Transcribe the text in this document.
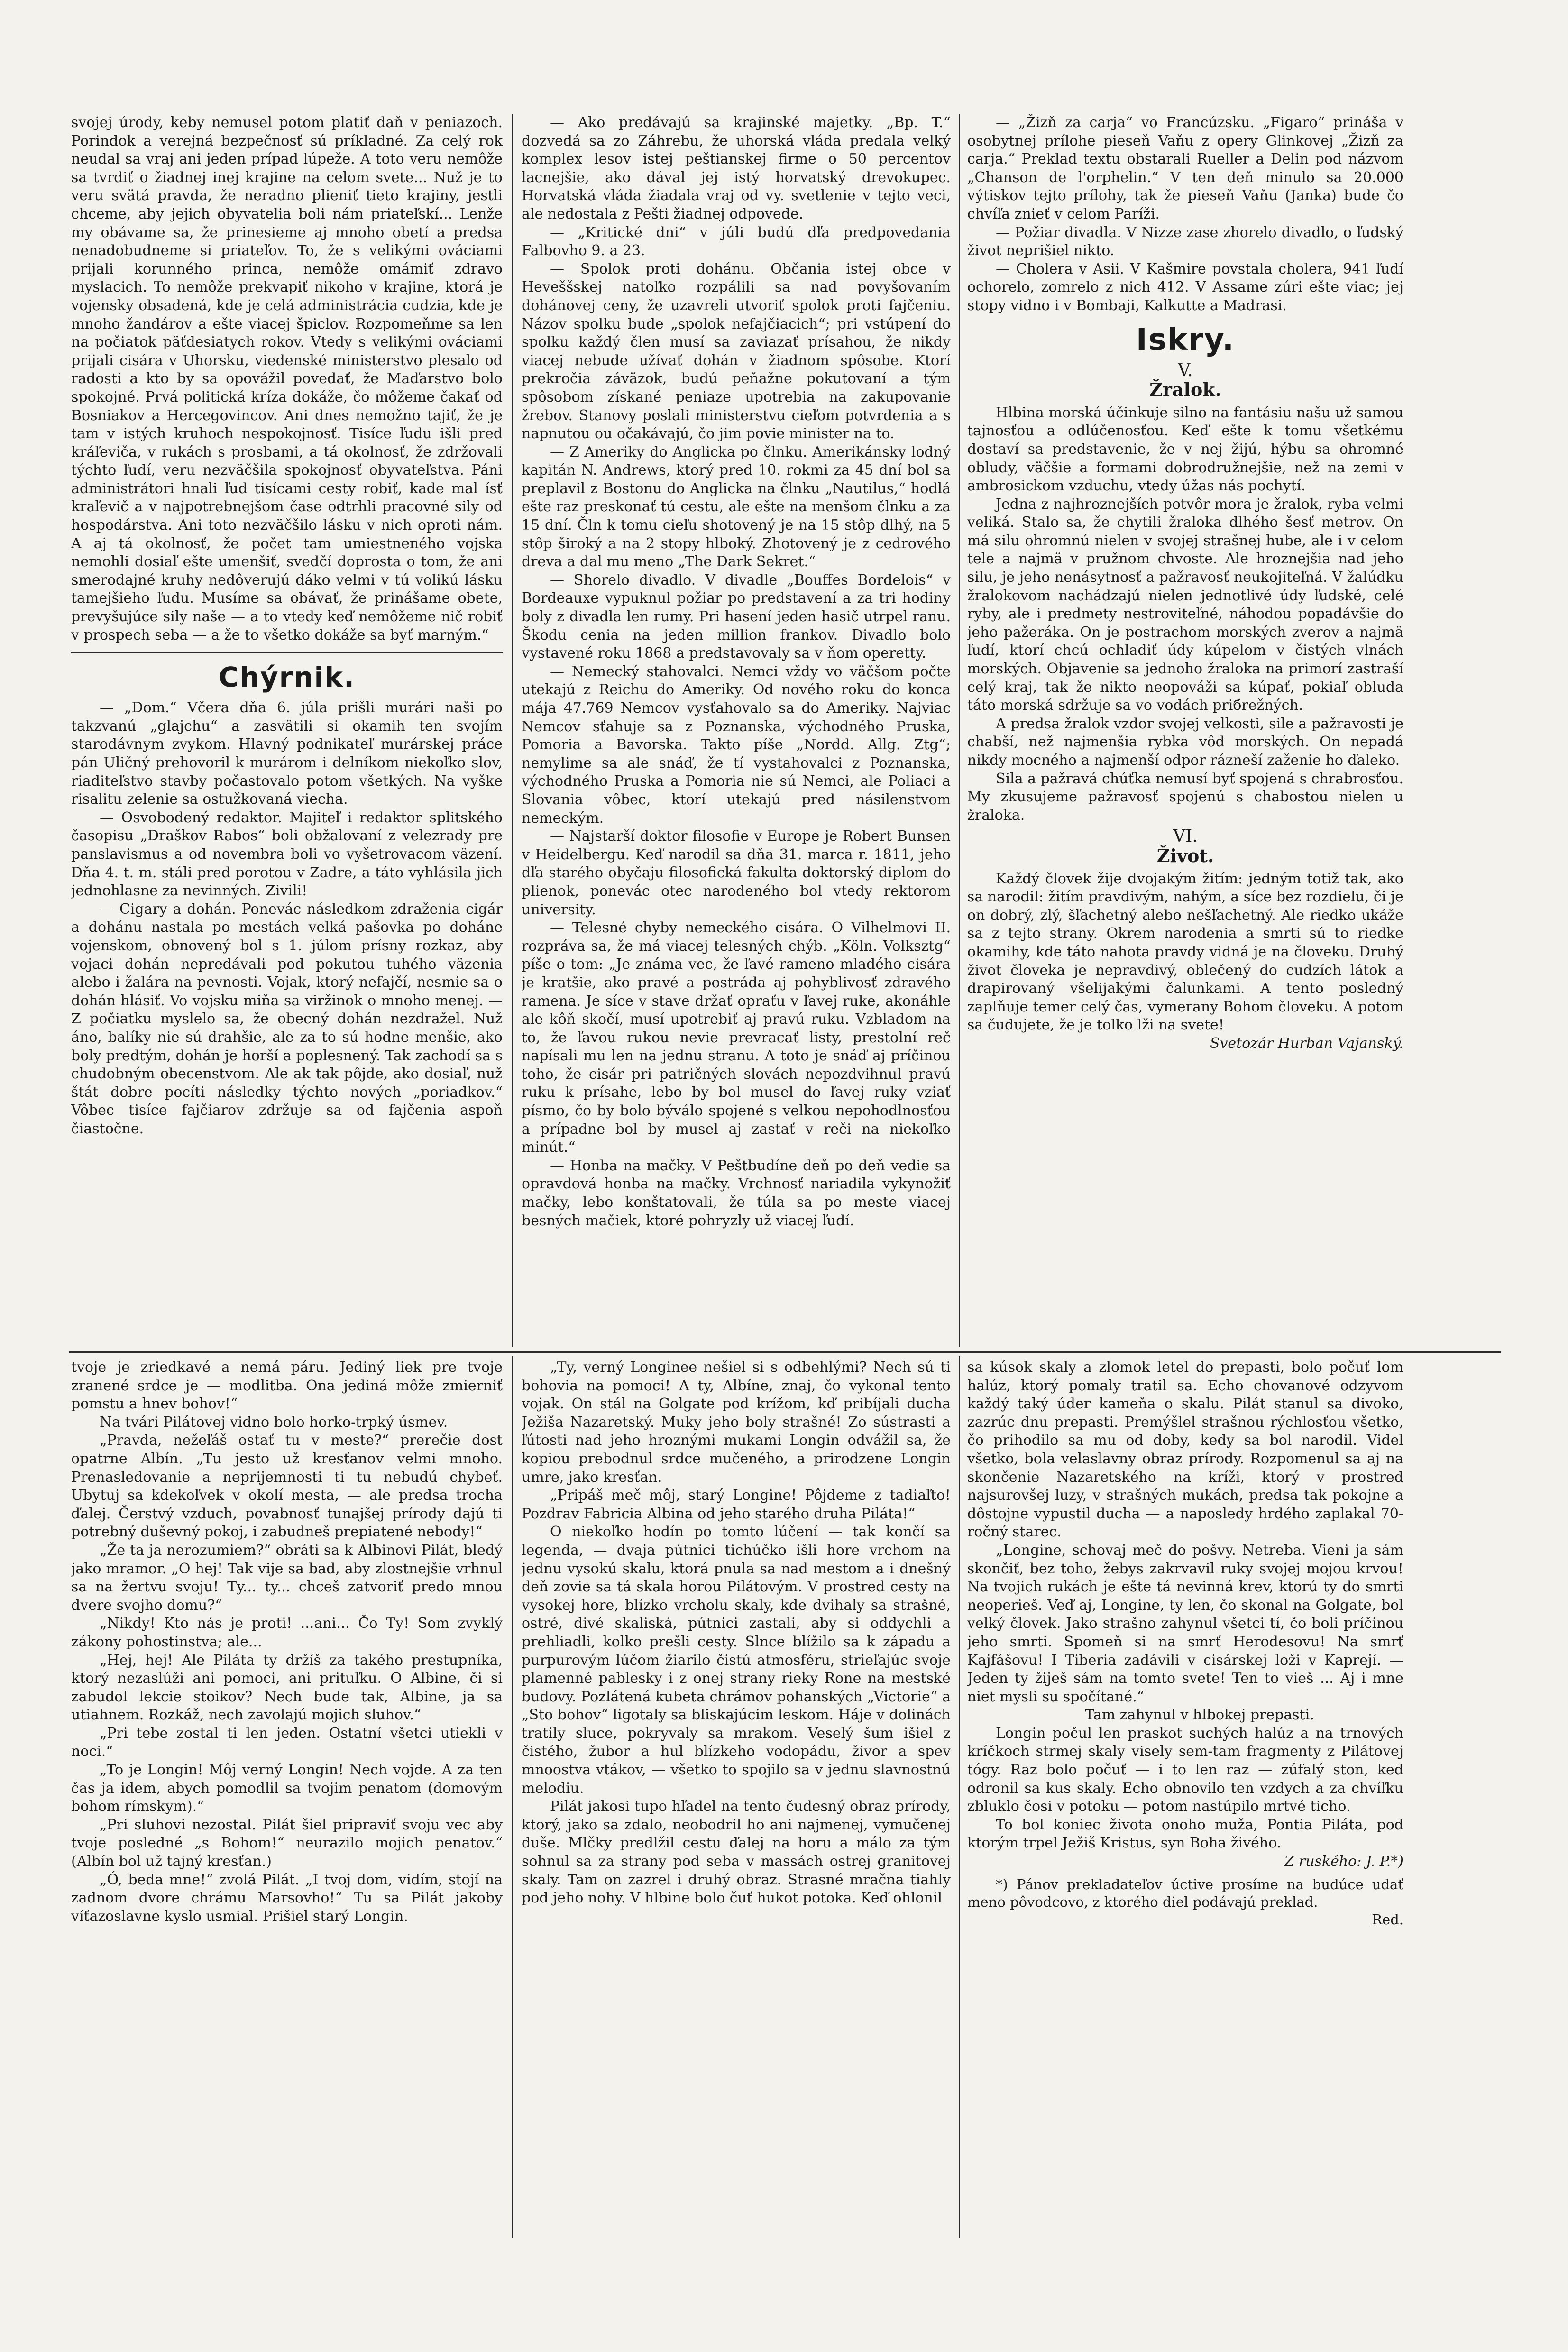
svojej úrody, keby nemusel potom platiť daň v peniazoch. Porindok a verejná bezpečnosť sú príkladné. Za celý rok neudal sa vraj ani jeden prípad lúpeže. A toto veru nemôže sa tvrdiť o žiadnej inej krajine na celom svete... Nuž je to veru svätá pravda, že neradno plieniť tieto krajiny, jestli chceme, aby jejich obyvatelia boli nám priateľskí... Lenže my obávame sa, že prinesieme aj mnoho obetí a predsa nenadobudneme si priateľov. To, že s velikými ováciami prijali korunného princa, nemôže omámiť zdravo myslacich. To nemôže prekvapiť nikoho v krajine, ktorá je vojensky obsadená, kde je celá administrácia cudzia, kde je mnoho žandárov a ešte viacej špiclov. Rozpomeňme sa len na počiatok päťdesiatych rokov. Vtedy s velikými ováciami prijali cisára v Uhorsku, viedenské ministerstvo plesalo od radosti a kto by sa opovážil povedať, že Maďarstvo bolo spokojné. Prvá politická kríza dokáže, čo môžeme čakať od Bosniakov a Hercegovincov. Ani dnes nemožno tajiť, že je tam v istých kruhoch nespokojnosť. Tisíce ľudu išli pred kráľeviča, v rukách s prosbami, a tá okolnosť, že zdržovali týchto ľudí, veru nezväčšila spokojnosť obyvateľstva. Páni administrátori hnali ľud tisícami cesty robiť, kade mal ísť kraľevič a v najpotrebnejšom čase odtrhli pracovné sily od hospodárstva. Ani toto nezväčšilo lásku v nich oproti nám. A aj tá okolnosť, že počet tam umiestneného vojska nemohli dosiaľ ešte umenšiť, svedčí doprosta o tom, že ani smerodajné kruhy nedôverujú dáko velmi v tú volikú lásku tamejšieho ľudu. Musíme sa obávať, že prinášame obete, prevyšujúce sily naše — a to vtedy keď nemôžeme nič robiť v prospech seba — a že to všetko dokáže sa byť marným.“

Chýrnik.

— „Dom.“ Včera dňa 6. júla prišli murári naši po takzvanú „glajchu“ a zasvätili si okamih ten svojím starodávnym zvykom. Hlavný podnikateľ murárskej práce pán Uličný prehovoril k murárom i delníkom niekoľko slov, riaditeľstvo stavby počastovalo potom všetkých. Na vyške risalitu zelenie sa ostužkovaná viecha.

— Osvobodený redaktor. Majiteľ i redaktor splitského časopisu „Draškov Rabos“ boli obžalovaní z velezrady pre panslavismus a od novembra boli vo vyšetrovacom väzení. Dňa 4. t. m. stáli pred porotou v Zadre, a táto vyhlásila jich jednohlasne za nevinných. Zivili!

— Cigary a dohán. Ponevác následkom zdraženia cigár a dohánu nastala po mestách velká pašovka po dohánе vojenskom, obnovený bol s 1. júlom prísny rozkaz, aby vojaci dohán nepredávali pod pokutou tuhého väzenia alebo i žalára na pevnosti. Vojak, ktorý nefajčí, nesmie sa o dohán hlásiť. Vo vojsku miňa sa viržinok o mnoho menej. — Z počiatku myslelo sa, že obecný dohán nezdražel. Nuž áno, balíky nie sú drahšie, ale za to sú hodne menšie, ako boly predtým, dohán je horší a poplesnený. Tak zachodí sa s chudobným obecenstvom. Ale ak tak pôjde, ako dosiaľ, nuž štát dobre pocíti následky týchto nových „poriadkov.“ Vôbec tisíce fajčiarov zdržuje sa od fajčenia aspoň čiastočne.

— Ako predávajú sa krajinské majetky. „Bp. T.“ dozvedá sa zo Záhrebu, že uhorská vláda predala velký komplex lesov istej peštianskej firme o 50 percentov lacnejšie, ako dával jej istý horvatský drevokupec. Horvatská vláda žiadala vraj od vy. svetlenie v tejto veci, ale nedostala z Pešti žiadnej odpovede.

— „Kritické dni“ v júli budú dľa predpovedania Falbovho 9. a 23.

— Spolok proti dohánu. Občania istej obce v Heveššskej natoľko rozpálili sa nad povyšovaním dohánovej ceny, že uzavreli utvoriť spolok proti fajčeniu. Názov spolku bude „spolok nefajčiacich“; pri vstúpení do spolku každý člen musí sa zaviazať prísahou, že nikdy viacej nebude užívať dohán v žiadnom spôsobe. Ktorí prekročia záväzok, budú peňažne pokutovaní a tým spôsobom získané peniaze upotrebia na zakupovanie žrebov. Stanovy poslali ministerstvu cieľom potvrdenia a s napnutou ou očakávajú, čo jim povie minister na to.

— Z Ameriky do Anglicka po člnku. Amerikánsky lodný kapitán N. Andrews, ktorý pred 10. rokmi za 45 dní bol sa preplavil z Bostonu do Anglicka na člnku „Nautilus,“ hodlá ešte raz preskonať tú cestu, ale ešte na menšom člnku a za 15 dní. Čln k tomu cieľu shotovený je na 15 stôp dlhý, na 5 stôp široký a na 2 stopy hlboký. Zhotovený je z cedrového dreva a dal mu meno „The Dark Sekret.“

— Shorelo divadlo. V divadle „Bouffes Bordelois“ v Bordeauxe vypuknul požiar po predstavení a za tri hodiny boly z divadla len rumy. Pri hasení jeden hasič utrpel ranu. Škodu cenia na jeden million frankov. Divadlo bolo vystavené roku 1868 a predstavovaly sa v ňom operetty.

— Nemecký stahovalci. Nemci vždy vo väčšom počte utekajú z Reichu do Ameriky. Od nového roku do konca mája 47.769 Nemcov vysťahovalo sa do Ameriky. Najviac Nemcov sťahuje sa z Poznanska, východného Pruska, Pomoria a Bavorska. Takto píše „Nordd. Allg. Ztg“; nemylime sa ale snáď, že tí vystahovalci z Poznanska, východného Pruska a Pomoria nie sú Nemci, ale Poliaci a Slovania vôbec, ktorí utekajú pred násilenstvom nemeckým.

— Najstarší doktor filosofie v Europe je Robert Bunsen v Heidelbergu. Keď narodil sa dňa 31. marca r. 1811, jeho dľa starého obyčaju filosofická fakulta doktorský diplom do plienok, ponevác otec narodeného bol vtedy rektorom university.

— Telesné chyby nemeckého cisára. O Vilhelmovi II. rozpráva sa, že má viacej telesných chýb. „Köln. Volksztg“ píše o tom: „Je známa vec, že ľavé rameno mladého cisára je kratšie, ako pravé a postráda aj pohyblivosť zdravého ramena. Je síce v stave držať opraťu v ľavej ruke, akonáhle ale kôň skočí, musí upotrebiť aj pravú ruku. Vzbladom na to, že ľavou rukou nevie prevracať listy, prestolní reč napísali mu len na jednu stranu. A toto je snáď aj príčinou toho, že cisár pri patričných slovách nepozdvihnul pravú ruku k prísahe, lebo by bol musel do ľavej ruky vziať písmo, čo by bolo býválo spojené s velkou nepohodlnosťou a prípadne bol by musel aj zastať v reči na niekoľko minút.“

— Honba na mačky. V Peštbudíne deň po deň vedie sa opravdová honba na mačky. Vrchnosť nariadila vykynožiť mačky, lebo konštatovali, že túla sa po meste viacej besných mačiek, ktoré pohryzly už viacej ľudí.

— „Žizň za carja“ vo Francúzsku. „Figaro“ prináša v osobytnej prílohe pieseň Vaňu z opery Glinkovej „Žizň za carja.“ Preklad textu obstarali Rueller a Delin pod názvom „Chanson de l'orphelin.“ V ten deň minulo sa 20.000 výtiskov tejto prílohy, tak že pieseň Vaňu (Janka) bude čo chvíľa znieť v celom Paríži.

— Požiar divadla. V Nizze zase zhorelo divadlo, o ľudský život neprišiel nikto.

— Cholera v Asii. V Kašmire povstala cholera, 941 ľudí ochorelo, zomrelo z nich 412. V Assame zúri ešte viac; jej stopy vidno i v Bombaji, Kalkutte a Madrasi.

Iskry.
V.
Žralok.

Hlbina morská účinkuje silno na fantásiu našu už samou tajnosťou a odlúčenosťou. Keď ešte k tomu všetkému dostaví sa predstavenie, že v nej žijú, hýbu sa ohromné obludy, väčšie a formami dobrodružnejšie, než na zemi v ambrosickom vzduchu, vtedy úžas nás pochytí.

Jedna z najhroznejších potvôr mora je žralok, ryba velmi veliká. Stalo sa, že chytili žraloka dlhého šesť metrov. On má silu ohromnú nielen v svojej strašnej hube, ale i v celom tele a najmä v pružnom chvoste. Ale hroznejšia nad jeho silu, je jeho nenásytnosť a pažravosť neukojiteľná. V žalúdku žralokovom nachádzajú nielen jednotlivé údy ľudské, celé ryby, ale i predmety nestroviteľné, náhodou popadávšie do jeho pažeráka. On je postrachom morských zverov a najmä ľudí, ktorí chcú ochladiť údy kúpelom v čistých vlnách morských. Objavenie sa jednoho žraloka na primorí zastraší celý kraj, tak že nikto neopováži sa kúpať, pokiaľ obluda táto morská sdržuje sa vo vodách priбrežných.

A predsa žralok vzdor svojej velkosti, sile a pažravosti je chabší, než najmenšia rybka vôd morských. On nepadá nikdy mocného a najmenší odpor rázneší zaženie ho ďaleko.

Sila a pažravá chúťka nemusí byť spojená s chrabrosťou. My zkusujeme pažravosť spojenú s chabostou nielen u žraloka.

VI.
Život.

Každý človek žije dvojakým žitím: jedným totiž tak, ako sa narodil: žitím pravdivým, nahým, a síce bez rozdielu, či je on dobrý, zlý, šľachetný alebo nešľachetný. Ale riedko ukáže sa z tejto strany. Okrem narodenia a smrti sú to riedke okamihy, kde táto nahota pravdy vidná je na človeku. Druhý život človeka je nepravdivý, oblečený do cudzích látok a drapirovaný všelijakými čalunkami. A tento posledný zaplňuje temer celý čas, vymerany Bohom človeku. A potom sa čudujete, že je tolko lži na svete!

Svetozár Hurban Vajanský.

tvoje je zriedkavé a nemá páru. Jediný liek pre tvoje zranené srdce je — modlitba. Ona jediná môže zmierniť pomstu a hnev bohov!“

Na tvári Pilátovej vidno bolo horko-trpký úsmev.

„Pravda, nežeľáš ostať tu v meste?“ prerečie dost opatrne Albín. „Tu jesto už kresťanov velmi mnoho. Prenasledovanie a neprijemnosti ti tu nebudú chybeť. Ubytuj sa kdekoľvek v okolí mesta, — ale predsa trocha ďalej. Čerstvý vzduch, povabnosť tunajšej prírody dajú ti potrebný duševný pokoj, i zabudneš prepiatené nebody!“

„Že ta ja nerozumiem?“ obráti sa k Albinovi Pilát, bledý jako mramor. „O hej! Tak vije sa bad, aby zlostnejšie vrhnul sa na žertvu svoju! Ty... ty... chceš zatvoriť predo mnou dvere svojho domu?“

„Nikdy! Kto nás je proti! ...ani... Čo Ty! Som zvyklý zákony pohostinstva; ale...

„Hej, hej! Ale Piláta ty držíš za takého prestupníka, ktorý nezaslúži ani pomoci, ani prituľku. O Albine, či si zabudol lekcie stoikov? Nech bude tak, Albine, ja sa utiahnem. Rozkáž, nech zavolajú mojich sluhov.“

„Pri tebe zostal ti len jeden. Ostatní všetci utiekli v noci.“

„To je Longin! Môj verný Longin! Nech vojde. A za ten čas ja idem, abych pomodlil sa tvojim penatom (domovým bohom rímskym).“

„Pri sluhovi nezostal. Pilát šiel pripraviť svoju vec aby tvoje posledné „s Bohom!“ neurazilo mojich penatov.“ (Albín bol už tajný kresťan.)

„Ó, beda mne!“ zvolá Pilát. „I tvoj dom, vidím, stojí na zadnom dvore chrámu Marsovho!“ Tu sa Pilát jakoby víťazoslavne kyslo usmial. Prišiel starý Longin.

„Ty, verný Longinee nešiel si s odbehlými? Nech sú ti bohovia na pomoci! A ty, Albíne, znaj, čo vykonal tento vojak. On stál na Golgate pod krížom, kď pribíjali ducha Ježiša Nazaretský. Muky jeho boly strašné! Zo sústrasti a ľútosti nad jeho hroznými mukami Longin odvážil sa, že kopiou prebodnul srdce mučeného, a prirodzene Longin umre, jako kresťan.

„Pripáš meč môj, starý Longine! Pôjdeme z tadiaľto! Pozdrav Fabricia Albina od jeho starého druha Piláta!“

O niekoľko hodín po tomto lúčení — tak končí sa legenda, — dvaja pútnici tichúčko išli hore vrchom na jednu vysokú skalu, ktorá pnula sa nad mestom a i dnešný deň zovie sa tá skala horou Pilátovým. V prostred cesty na vysokej hore, blízko vrcholu skaly, kde dvihaly sa strašné, ostré, divé skaliská, pútnici zastali, aby si oddychli a prehliadli, kolko prešli cesty. Slnce blížilo sa k západu a purpurovým lúčom žiarilo čistú atmosféru, strieľajúc svoje plamenné pablesky i z onej strany rieky Rone na mestské budovy. Pozlátená kubeta chrámov pohanských „Victorie“ a „Sto bohov“ ligotaly sa bliskajúcim leskom. Háje v dolinách tratily sluce, pokryvaly sa mrakom. Veselý šum išiel z čistého, žubor a hul blízkeho vodopádu, živor a spev mnoostva vtákov, — všetko to spojilo sa v jednu slavnostnú melodiu.

Pilát jakosi tupo hľadel na tento čudesný obraz prírody, ktorý, jako sa zdalo, neobodril ho ani najmenej, vymučenej duše. Mlčky predlžil cestu ďalej na horu a málo za tým sohnul sa za strany pod seba v massách ostrej granitovej skaly. Tam on zazrel i druhý obraz. Strasné mračna tiahly pod jeho nohy. V hlbine bolo čuť hukot potoka. Keď ohlonil

sa kúsok skaly a zlomok letel do prepasti, bolo počuť lom halúz, ktorý pomaly tratil sa. Echo chovanové odzyvom každý taký úder kameňa o skalu. Pilát stanul sa divoko, zazrúc dnu prepasti. Premýšlel strašnou rýchlosťou všetko, čo prihodilo sa mu od doby, kedy sa bol narodil. Videl všetko, bola velaslavny obraz prírody. Rozpomenul sa aj na skončenie Nazaretského na kríži, ktorý v prostred najsurovšej luzy, v strašných mukách, predsa tak pokojne a dôstojne vypustil ducha — a naposledy hrdého zaplakal 70-ročný starec.

„Longine, schovaj meč do pošvy. Netreba. Vieni ja sám skončiť, bez toho, žebys zakrvavil ruky svojej mojou krvou! Na tvojich rukách je ešte tá nevinná krev, ktorú ty do smrti neoperieš. Veď aj, Longine, ty len, čo skonal na Golgate, bol velký človek. Jako strašno zahynul všetci tí, čo boli príčinou jeho smrti. Spomeň si na smrť Herodesovu! Na smrť Kajfášovu! I Tiberia zadávili v cisárskej loži v Kaprejí. — Jeden ty žiješ sám na tomto svete! Ten to vieš ... Aj i mne niet mysli su spočítané.“

Tam zahynul v hlbokej prepasti.

Longin počul len praskot suchých halúz a na trnových kríčkoch strmej skaly visely sem-tam fragmenty z Pilátovej tógy. Raz bolo počuť — i to len raz — zúfalý ston, keď odronil sa kus skaly. Echo obnovilo ten vzdych a za chvíľku zbluklo čosi v potoku — potom nastúpilo mrtvé ticho.

To bol koniec života onoho muža, Pontia Piláta, pod ktorým trpel Ježiš Kristus, syn Boha živého.

Z ruského: J. P.*)

*) Pánov prekladateľov úctive prosíme na budúce udať meno pôvodcovo, z ktorého diel podávajú preklad.

Red.
